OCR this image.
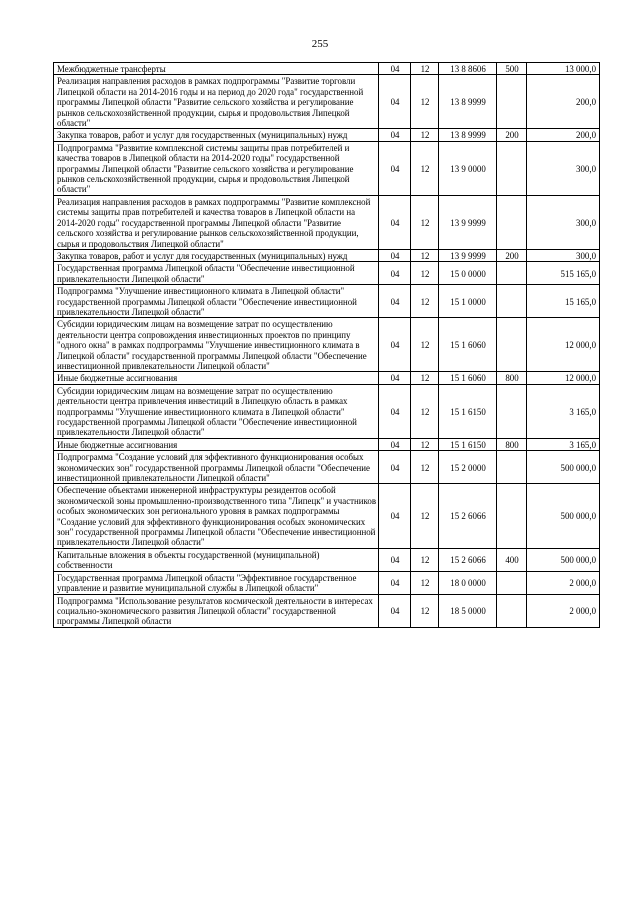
255
Межбюджетные трансферты	04	12	13 8 8606	500	13 000,0
Реализация направления расходов в рамках подпрограммы "Развитие торговли Липецкой области на 2014-2016 годы и на период до 2020 года" государственной программы Липецкой области "Развитие сельского хозяйства и регулирование рынков сельскохозяйственной продукции, сырья и продовольствия Липецкой области"	04	12	13 8 9999		200,0
Закупка товаров, работ и услуг для государственных (муниципальных) нужд	04	12	13 8 9999	200	200,0
Подпрограмма "Развитие комплексной системы защиты прав потребителей и качества товаров в Липецкой области на 2014-2020 годы" государственной программы Липецкой области "Развитие сельского хозяйства и регулирование рынков сельскохозяйственной продукции, сырья и продовольствия Липецкой области"	04	12	13 9 0000		300,0
Реализация направления расходов в рамках подпрограммы "Развитие комплексной системы защиты прав потребителей и качества товаров в Липецкой области на 2014-2020 годы" государственной программы Липецкой области "Развитие сельского хозяйства и регулирование рынков сельскохозяйственной продукции, сырья и продовольствия Липецкой области"	04	12	13 9 9999		300,0
Закупка товаров, работ и услуг для государственных (муниципальных) нужд	04	12	13 9 9999	200	300,0
Государственная программа Липецкой области "Обеспечение инвестиционной привлекательности Липецкой области"	04	12	15 0 0000		515 165,0
Подпрограмма "Улучшение инвестиционного климата в Липецкой области" государственной программы Липецкой области "Обеспечение инвестиционной привлекательности Липецкой области"	04	12	15 1 0000		15 165,0
Субсидии юридическим лицам на возмещение затрат по осуществлению деятельности центра сопровождения инвестиционных проектов по принципу "одного окна" в рамках подпрограммы "Улучшение инвестиционного климата в Липецкой области" государственной программы Липецкой области "Обеспечение инвестиционной привлекательности Липецкой области"	04	12	15 1 6060		12 000,0
Иные бюджетные ассигнования	04	12	15 1 6060	800	12 000,0
Субсидии юридическим лицам на возмещение затрат по осуществлению деятельности центра привлечения инвестиций в Липецкую область в рамках подпрограммы "Улучшение инвестиционного климата в Липецкой области" государственной программы Липецкой области "Обеспечение инвестиционной привлекательности Липецкой области"	04	12	15 1 6150		3 165,0
Иные бюджетные ассигнования	04	12	15 1 6150	800	3 165,0
Подпрограмма "Создание условий для эффективного функционирования особых экономических зон" государственной программы Липецкой области "Обеспечение инвестиционной привлекательности Липецкой области"	04	12	15 2 0000		500 000,0
Обеспечение объектами инженерной инфраструктуры резидентов особой экономической зоны промышленно-производственного типа "Липецк" и участников особых экономических зон регионального уровня в рамках подпрограммы "Создание условий для эффективного функционирования особых экономических зон" государственной программы Липецкой области "Обеспечение инвестиционной привлекательности Липецкой области"	04	12	15 2 6066		500 000,0
Капитальные вложения в объекты государственной (муниципальной) собственности	04	12	15 2 6066	400	500 000,0
Государственная программа Липецкой области "Эффективное государственное управление и развитие муниципальной службы в Липецкой области"	04	12	18 0 0000		2 000,0
Подпрограмма "Использование результатов космической деятельности в интересах социально-экономического развития Липецкой области" государственной программы Липецкой области	04	12	18 5 0000		2 000,0
